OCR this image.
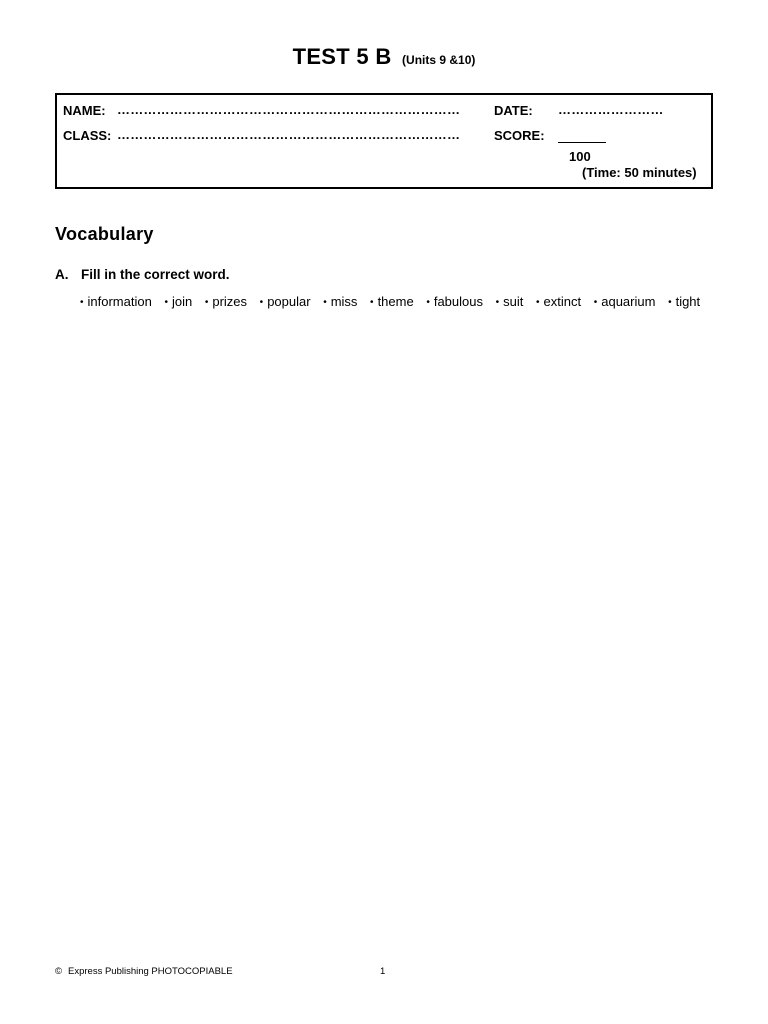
TEST 5 B (Units 9 &10)
NAME: ……………………………………………………………………	DATE: ……………………
CLASS: ……………………………………………………………………	SCORE:
100
(Time: 50 minutes)
Vocabulary
A. Fill in the correct word.
• information • join • prizes • popular • miss • theme • fabulous • suit • extinct • aquarium • tight
© Express Publishing PHOTOCOPIABLE	1
